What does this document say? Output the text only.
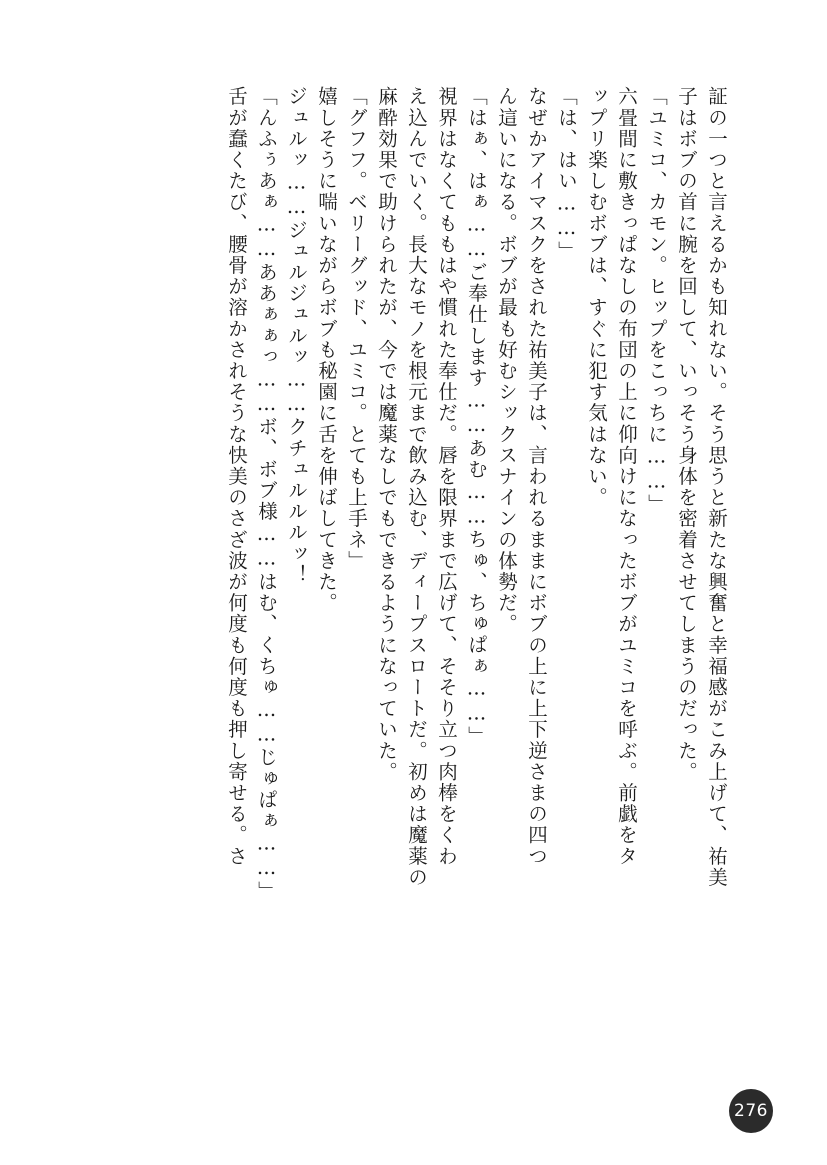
証の一つと言えるかも知れない。そう思うと新たな興奮と幸福感がこみ上げて、祐美
子はボブの首に腕を回して、いっそう身体を密着させてしまうのだった。
「ユミコ、カモン。ヒップをこっちに……」
六畳間に敷きっぱなしの布団の上に仰向けになったボブがユミコを呼ぶ。前戯をタ
ップリ楽しむボブは、すぐに犯す気はない。
「は、はい……」
なぜかアイマスクをされた祐美子は、言われるままにボブの上に上下逆さまの四つ
ん這いになる。ボブが最も好むシックスナインの体勢だ。
「はぁ、はぁ……ご奉仕します……あむ……ちゅ、ちゅぱぁ……」
視界はなくてももはや慣れた奉仕だ。唇を限界まで広げて、そそり立つ肉棒をくわ
え込んでいく。長大なモノを根元まで飲み込む、ディープスロートだ。初めは魔薬の
麻酔効果で助けられたが、今では魔薬なしでもできるようになっていた。
「グフフ。ベリーグッド、ユミコ。とても上手ネ」
嬉しそうに喘いながらボブも秘園に舌を伸ばしてきた。
ジュルッ……ジュルジュルッ……クチュルルルッ！
「んふぅあぁ……ああぁぁっ……ボ、ボブ様……はむ、くちゅ……じゅぱぁ……」
舌が蠢くたび、腰骨が溶かされそうな快美のさざ波が何度も何度も押し寄せる。さ
276
